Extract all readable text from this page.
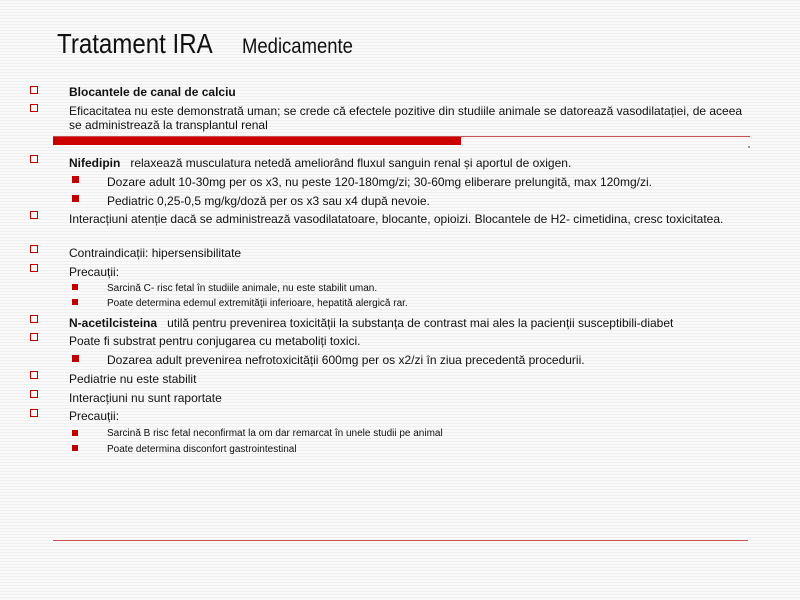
Tratament IRA Medicamente
Blocantele de canal de calciu
Eficacitatea nu este demonstrată uman; se crede că efectele pozitive din studiile animale se datorează vasodilatației, de aceea se administrează la transplantul renal
Nifedipin relaxează musculatura netedă ameliorând fluxul sanguin renal și aportul de oxigen.
Dozare adult 10-30mg per os x3, nu peste 120-180mg/zi; 30-60mg eliberare prelungită, max 120mg/zi.
Pediatric 0,25-0,5 mg/kg/doză per os x3 sau x4 după nevoie.
Interacțiuni atenție dacă se administrează vasodilatatoare, blocante, opioizi. Blocantele de H2- cimetidina, cresc toxicitatea.
Contraindicații: hipersensibilitate
Precauții:
Sarcină C- risc fetal în studiile animale, nu este stabilit uman.
Poate determina edemul extremităţii inferioare, hepatită alergică rar.
N-acetilcisteina utilă pentru prevenirea toxicității la substanța de contrast mai ales la pacienții susceptibili-diabet
Poate fi substrat pentru conjugarea cu metaboliți toxici.
Dozarea adult prevenirea nefrotoxicității 600mg per os x2/zi în ziua precedentă procedurii.
Pediatrie nu este stabilit
Interacțiuni nu sunt raportate
Precauții:
Sarcină B risc fetal neconfirmat la om dar remarcat în unele studii pe animal
Poate determina disconfort gastrointestinal
